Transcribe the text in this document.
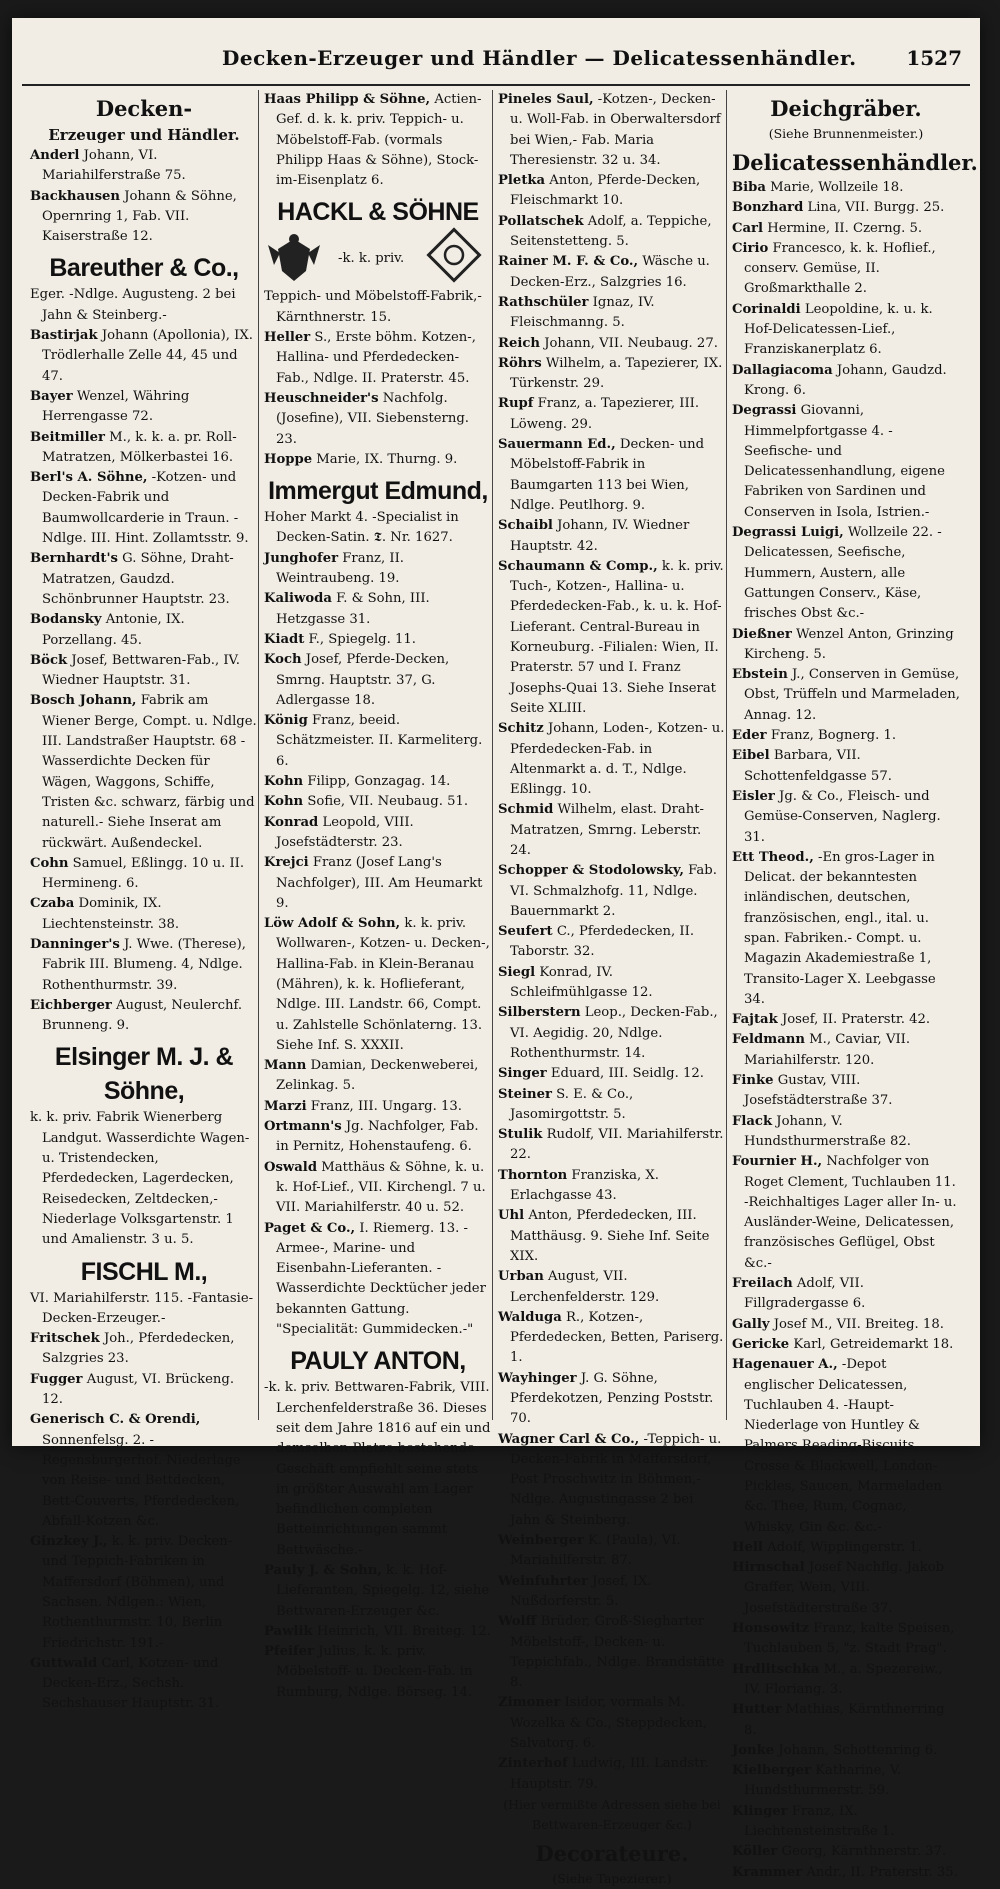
Decken-Erzeuger und Händler — Delicatessenhändler. 1527

Decken-

Erzeuger und Händler.

Anderl Johann, VI. Mariahilferstraße 75.

Backhausen Johann & Söhne, Opernring 1, Fab. VII. Kaiserstraße 12.

Bareuther & Co.,

Eger. -Ndlge. Augusteng. 2 bei Jahn & Steinberg.-

Bastirjak Johann (Apollonia), IX. Trödlerhalle Zelle 44, 45 und 47.

Bayer Wenzel, Währing Herrengasse 72.

Beitmiller M., k. k. a. pr. Roll-Matratzen, Mölkerbastei 16.

Berl's A. Söhne, -Kotzen- und Decken-Fabrik und Baumwollcarderie in Traun. -Ndlge. III. Hint. Zollamtsstr. 9.

Bernhardt's G. Söhne, Draht-Matratzen, Gaudzd. Schönbrunner Hauptstr. 23.

Bodansky Antonie, IX. Porzellang. 45.

Böck Josef, Bettwaren-Fab., IV. Wiedner Hauptstr. 31.

Bosch Johann, Fabrik am Wiener Berge, Compt. u. Ndlge. III. Landstraßer Hauptstr. 68 -Wasserdichte Decken für Wägen, Waggons, Schiffe, Tristen &c. schwarz, färbig und naturell.- Siehe Inserat am rückwärt. Außendeckel.

Cohn Samuel, Eßlingg. 10 u. II. Hermineng. 6.

Czaba Dominik, IX. Liechtensteinstr. 38.

Danninger's J. Wwe. (Therese), Fabrik III. Blumeng. 4, Ndlge. Rothenthurmstr. 39.

Eichberger August, Neulerchf. Brunneng. 9.

Elsinger M. J. & Söhne,

k. k. priv. Fabrik Wienerberg Landgut. Wasserdichte Wagen- u. Tristendecken, Pferdedecken, Lagerdecken, Reisedecken, Zeltdecken,- Niederlage Volksgartenstr. 1 und Amalienstr. 3 u. 5.

FISCHL M.,

VI. Mariahilferstr. 115. -Fantasie-Decken-Erzeuger.-

Fritschek Joh., Pferdedecken, Salzgries 23.

Fugger August, VI. Brückeng. 12.

Generisch C. & Orendi, Sonnenfelsg. 2. -Regensburgerhof. Niederlage von Reise- und Bettdecken, Bett-Couverts, Pferdedecken, Abfall-Kotzen &c.

Ginzkey J., k. k. priv. Decken- und Teppich-Fabriken in Maffersdorf (Böhmen), und Sachsen. Ndlgen.: Wien, Rothenthurmstr. 10, Berlin Friedrichstr. 191.-

Guttwald Carl, Kotzen- und Decken-Erz., Sechsh. Sechshauser Hauptstr. 31.

Haas Philipp & Söhne, Actien-Gef. d. k. k. priv. Teppich- u. Möbelstoff-Fab. (vormals Philipp Haas & Söhne), Stock-im-Eisenplatz 6.

HACKL & SÖHNE

-k. k. priv.

Teppich- und Möbelstoff-Fabrik,- Kärnthnerstr. 15.

Heller S., Erste böhm. Kotzen-, Hallina- und Pferdedecken-Fab., Ndlge. II. Praterstr. 45.

Heuschneider's Nachfolg. (Josefine), VII. Siebensterng. 23.

Hoppe Marie, IX. Thurng. 9.

Immergut Edmund,

Hoher Markt 4. -Specialist in Decken-Satin. 𝕿. Nr. 1627.

Junghofer Franz, II. Weintraubeng. 19.

Kaliwoda F. & Sohn, III. Hetzgasse 31.

Kiadt F., Spiegelg. 11.

Koch Josef, Pferde-Decken, Smrng. Hauptstr. 37, G. Adlergasse 18.

König Franz, beeid. Schätzmeister. II. Karmeliterg. 6.

Kohn Filipp, Gonzagag. 14.

Kohn Sofie, VII. Neubaug. 51.

Konrad Leopold, VIII. Josefstädterstr. 23.

Krejci Franz (Josef Lang's Nachfolger), III. Am Heumarkt 9.

Löw Adolf & Sohn, k. k. priv. Wollwaren-, Kotzen- u. Decken-, Hallina-Fab. in Klein-Beranau (Mähren), k. k. Hoflieferant, Ndlge. III. Landstr. 66, Compt. u. Zahlstelle Schönlaterng. 13. Siehe Inf. S. XXXII.

Mann Damian, Deckenweberei, Zelinkag. 5.

Marzi Franz, III. Ungarg. 13.

Ortmann's Jg. Nachfolger, Fab. in Pernitz, Hohenstaufeng. 6.

Oswald Matthäus & Söhne, k. u. k. Hof-Lief., VII. Kirchengl. 7 u. VII. Mariahilferstr. 40 u. 52.

Paget & Co., I. Riemerg. 13. -Armee-, Marine- und Eisenbahn-Lieferanten. -Wasserdichte Decktücher jeder bekannten Gattung. "Specialität: Gummidecken.-"

PAULY ANTON,

-k. k. priv. Bettwaren-Fabrik, VIII. Lerchenfelderstraße 36. Dieses seit dem Jahre 1816 auf ein und demselben Platze bestehende Geschäft empfiehlt seine stets in größter Auswahl am Lager befindlichen completen Betteinrichtungen sammt Bettwäsche.-

Pauly J. & Sohn, k. k. Hof-Lieferanten, Spiegelg. 12, siehe Bettwaren-Erzeuger &c.

Pawlik Heinrich, VII. Breiteg. 12.

Pfeifer Julius, k. k. priv. Möbelstoff- u. Decken-Fab. in Rumburg, Ndlge. Börseg. 14.

Pineles Saul, -Kotzen-, Decken- u. Woll-Fab. in Oberwaltersdorf bei Wien,- Fab. Maria Theresienstr. 32 u. 34.

Pletka Anton, Pferde-Decken, Fleischmarkt 10.

Pollatschek Adolf, a. Teppiche, Seitenstetteng. 5.

Rainer M. F. & Co., Wäsche u. Decken-Erz., Salzgries 16.

Rathschüler Ignaz, IV. Fleischmanng. 5.

Reich Johann, VII. Neubaug. 27.

Röhrs Wilhelm, a. Tapezierer, IX. Türkenstr. 29.

Rupf Franz, a. Tapezierer, III. Löweng. 29.

Sauermann Ed., Decken- und Möbelstoff-Fabrik in Baumgarten 113 bei Wien, Ndlge. Peutlhorg. 9.

Schaibl Johann, IV. Wiedner Hauptstr. 42.

Schaumann & Comp., k. k. priv. Tuch-, Kotzen-, Hallina- u. Pferdedecken-Fab., k. u. k. Hof-Lieferant. Central-Bureau in Korneuburg. -Filialen: Wien, II. Praterstr. 57 und I. Franz Josephs-Quai 13. Siehe Inserat Seite XLIII.

Schitz Johann, Loden-, Kotzen- u. Pferdedecken-Fab. in Altenmarkt a. d. T., Ndlge. Eßlingg. 10.

Schmid Wilhelm, elast. Draht-Matratzen, Smrng. Leberstr. 24.

Schopper & Stodolowsky, Fab. VI. Schmalzhofg. 11, Ndlge. Bauernmarkt 2.

Seufert C., Pferdedecken, II. Taborstr. 32.

Siegl Konrad, IV. Schleifmühlgasse 12.

Silberstern Leop., Decken-Fab., VI. Aegidig. 20, Ndlge. Rothenthurmstr. 14.

Singer Eduard, III. Seidlg. 12.

Steiner S. E. & Co., Jasomirgottstr. 5.

Stulik Rudolf, VII. Mariahilferstr. 22.

Thornton Franziska, X. Erlachgasse 43.

Uhl Anton, Pferdedecken, III. Matthäusg. 9. Siehe Inf. Seite XIX.

Urban August, VII. Lerchenfelderstr. 129.

Walduga R., Kotzen-, Pferdedecken, Betten, Pariserg. 1.

Wayhinger J. G. Söhne, Pferdekotzen, Penzing Poststr. 70.

Wagner Carl & Co., -Teppich- u. Decken-Fabrik in Maffersdorf, Post Proschwitz in Böhmen,- Ndlge. Augustingasse 2 bei Jahn & Steinberg.

Weinberger K. (Paula), VI. Mariahilferstr. 87.

Weinfuhrter Josef, IX. Nußdorferstr. 5.

Wolff Brüder, Groß-Siegharter Möbelstoff-, Decken- u. Teppichfab., Ndlge. Brandstätte 8.

Zimoner Isidor, vormals M. Wozelka & Co., Steppdecken, Salvatorg. 6.

Zinterhof Ludwig, III. Landstr. Hauptstr. 79.

(Hier vermißte Adressen siehe bei Bettwaren-Erzeuger &c.)

Decorateure.

(Siehe Tapezierer.)

Deichgräber.

(Siehe Brunnenmeister.)

Delicatessenhändler.

Biba Marie, Wollzeile 18.

Bonzhard Lina, VII. Burgg. 25.

Carl Hermine, II. Czerng. 5.

Cirio Francesco, k. k. Hoflief., conserv. Gemüse, II. Großmarkthalle 2.

Corinaldi Leopoldine, k. u. k. Hof-Delicatessen-Lief., Franziskanerplatz 6.

Dallagiacoma Johann, Gaudzd. Krong. 6.

Degrassi Giovanni, Himmelpfortgasse 4. -Seefische- und Delicatessenhandlung, eigene Fabriken von Sardinen und Conserven in Isola, Istrien.-

Degrassi Luigi, Wollzeile 22. -Delicatessen, Seefische, Hummern, Austern, alle Gattungen Conserv., Käse, frisches Obst &c.-

Dießner Wenzel Anton, Grinzing Kircheng. 5.

Ebstein J., Conserven in Gemüse, Obst, Trüffeln und Marmeladen, Annag. 12.

Eder Franz, Bognerg. 1.

Eibel Barbara, VII. Schottenfeldgasse 57.

Eisler Jg. & Co., Fleisch- und Gemüse-Conserven, Naglerg. 31.

Ett Theod., -En gros-Lager in Delicat. der bekanntesten inländischen, deutschen, französischen, engl., ital. u. span. Fabriken.- Compt. u. Magazin Akademiestraße 1, Transito-Lager X. Leebgasse 34.

Fajtak Josef, II. Praterstr. 42.

Feldmann M., Caviar, VII. Mariahilferstr. 120.

Finke Gustav, VIII. Josefstädterstraße 37.

Flack Johann, V. Hundsthurmerstraße 82.

Fournier H., Nachfolger von Roget Clement, Tuchlauben 11. -Reichhaltiges Lager aller In- u. Ausländer-Weine, Delicatessen, französisches Geflügel, Obst &c.-

Freilach Adolf, VII. Fillgradergasse 6.

Gally Josef M., VII. Breiteg. 18.

Gericke Karl, Getreidemarkt 18.

Hagenauer A., -Depot englischer Delicatessen, Tuchlauben 4. -Haupt-Niederlage von Huntley & Palmers Reading-Biscuits, Crosse & Blackwell, London-Pickles, Saucen, Marmeladen &c. Thee, Rum, Cognac, Whisky, Gin &c. &c.-

Hell Adolf, Wipplingerstr. 1.

Hirnschal Josef Nachflg. Jakob Graffer, Wein, VIII. Josefstädterstraße 37.

Honsowitz Franz, kalte Speisen, Tuchlauben 5, "z. Stadt Prag".

Hrdlitschka M., a. Spezereiw., IV. Floriang. 3.

Hutter Mathias, Kärnthnerring 8.

Jonke Johann, Schottenring 6.

Kielberger Katharine, V. Hundsthurmerstr. 59.

Klinger Franz, IX. Liechtensteinstraße 1.

Köller Georg, Kärnthnerstr. 37.

Krammer Andr., II. Praterstr. 35.
